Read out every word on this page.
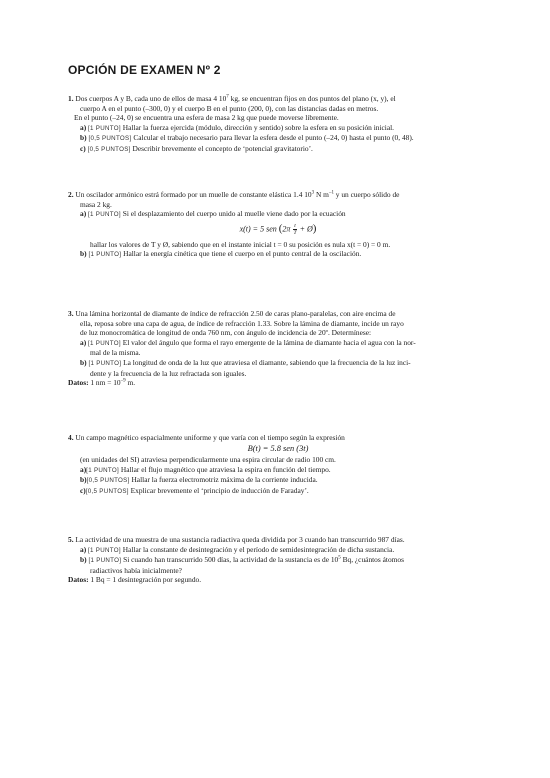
OPCIÓN DE EXAMEN Nº 2
1. Dos cuerpos A y B, cada uno de ellos de masa 4 $10^7$ kg, se encuentran fijos en dos puntos del plano (x, y), el
cuerpo A en el punto (–300, 0) y el cuerpo B en el punto (200, 0), con las distancias dadas en metros.
En el punto (–24, 0) se encuentra una esfera de masa 2 kg que puede moverse libremente.
a) [1 PUNTO] Hallar la fuerza ejercida (módulo, dirección y sentido) sobre la esfera en su posición inicial.
b) [0,5 PUNTOS] Calcular el trabajo necesario para llevar la esfera desde el punto (–24, 0) hasta el punto (0, 48).
c) [0,5 PUNTOS] Describir brevemente el concepto de ‘potencial gravitatorio’.
2. Un oscilador armónico estrá formado por un muelle de constante elástica 1.4 $10^3$ N $m^{-1}$ y un cuerpo sólido de
masa 2 kg.
a) [1 PUNTO] Si el desplazamiento del cuerpo unido al muelle viene dado por la ecuación
x(t) = 5 sen ($2\pi \frac{t}{T}$ + Ø)
hallar los valores de T y Ø, sabiendo que en el instante inicial t = 0 su posición es nula x(t = 0) = 0 m.
b) [1 PUNTO] Hallar la energía cinética que tiene el cuerpo en el punto central de la oscilación.
3. Una lámina horizontal de diamante de índice de refracción 2.50 de caras plano-paralelas, con aire encima de
ella, reposa sobre una capa de agua, de índice de refracción 1.33. Sobre la lámina de diamante, incide un rayo
de luz monocromática de longitud de onda 760 nm, con ángulo de incidencia de 20º. Determínese:
a) [1 PUNTO] El valor del ángulo que forma el rayo emergente de la lámina de diamante hacia el agua con la nor-
mal de la misma.
b) [1 PUNTO] La longitud de onda de la luz que atraviesa el diamante, sabiendo que la frecuencia de la luz inci-
dente y la frecuencia de la luz refractada son iguales.
Datos: 1 nm = $10^{-9}$ m.
4. Un campo magnético espacialmente uniforme y que varía con el tiempo según la expresión
B(t) = 5.8 sen (3t)
(en unidades del SI) atraviesa perpendicularmente una espira circular de radio 100 cm.
a)[1 PUNTO] Hallar el flujo magnético que atraviesa la espira en función del tiempo.
b)[0,5 PUNTOS] Hallar la fuerza electromotriz máxima de la corriente inducida.
c)[0,5 PUNTOS] Explicar brevemente el ‘principio de inducción de Faraday’.
5. La actividad de una muestra de una sustancia radiactiva queda dividida por 3 cuando han transcurrido 987 días.
a) [1 PUNTO] Hallar la constante de desintegración y el período de semidesintegración de dicha sustancia.
b) [1 PUNTO] Si cuando han transcurrido 500 días, la actividad de la sustancia es de $10^5$ Bq, ¿cuántos átomos
radiactivos había inicialmente?
Datos: 1 Bq = 1 desintegración por segundo.
